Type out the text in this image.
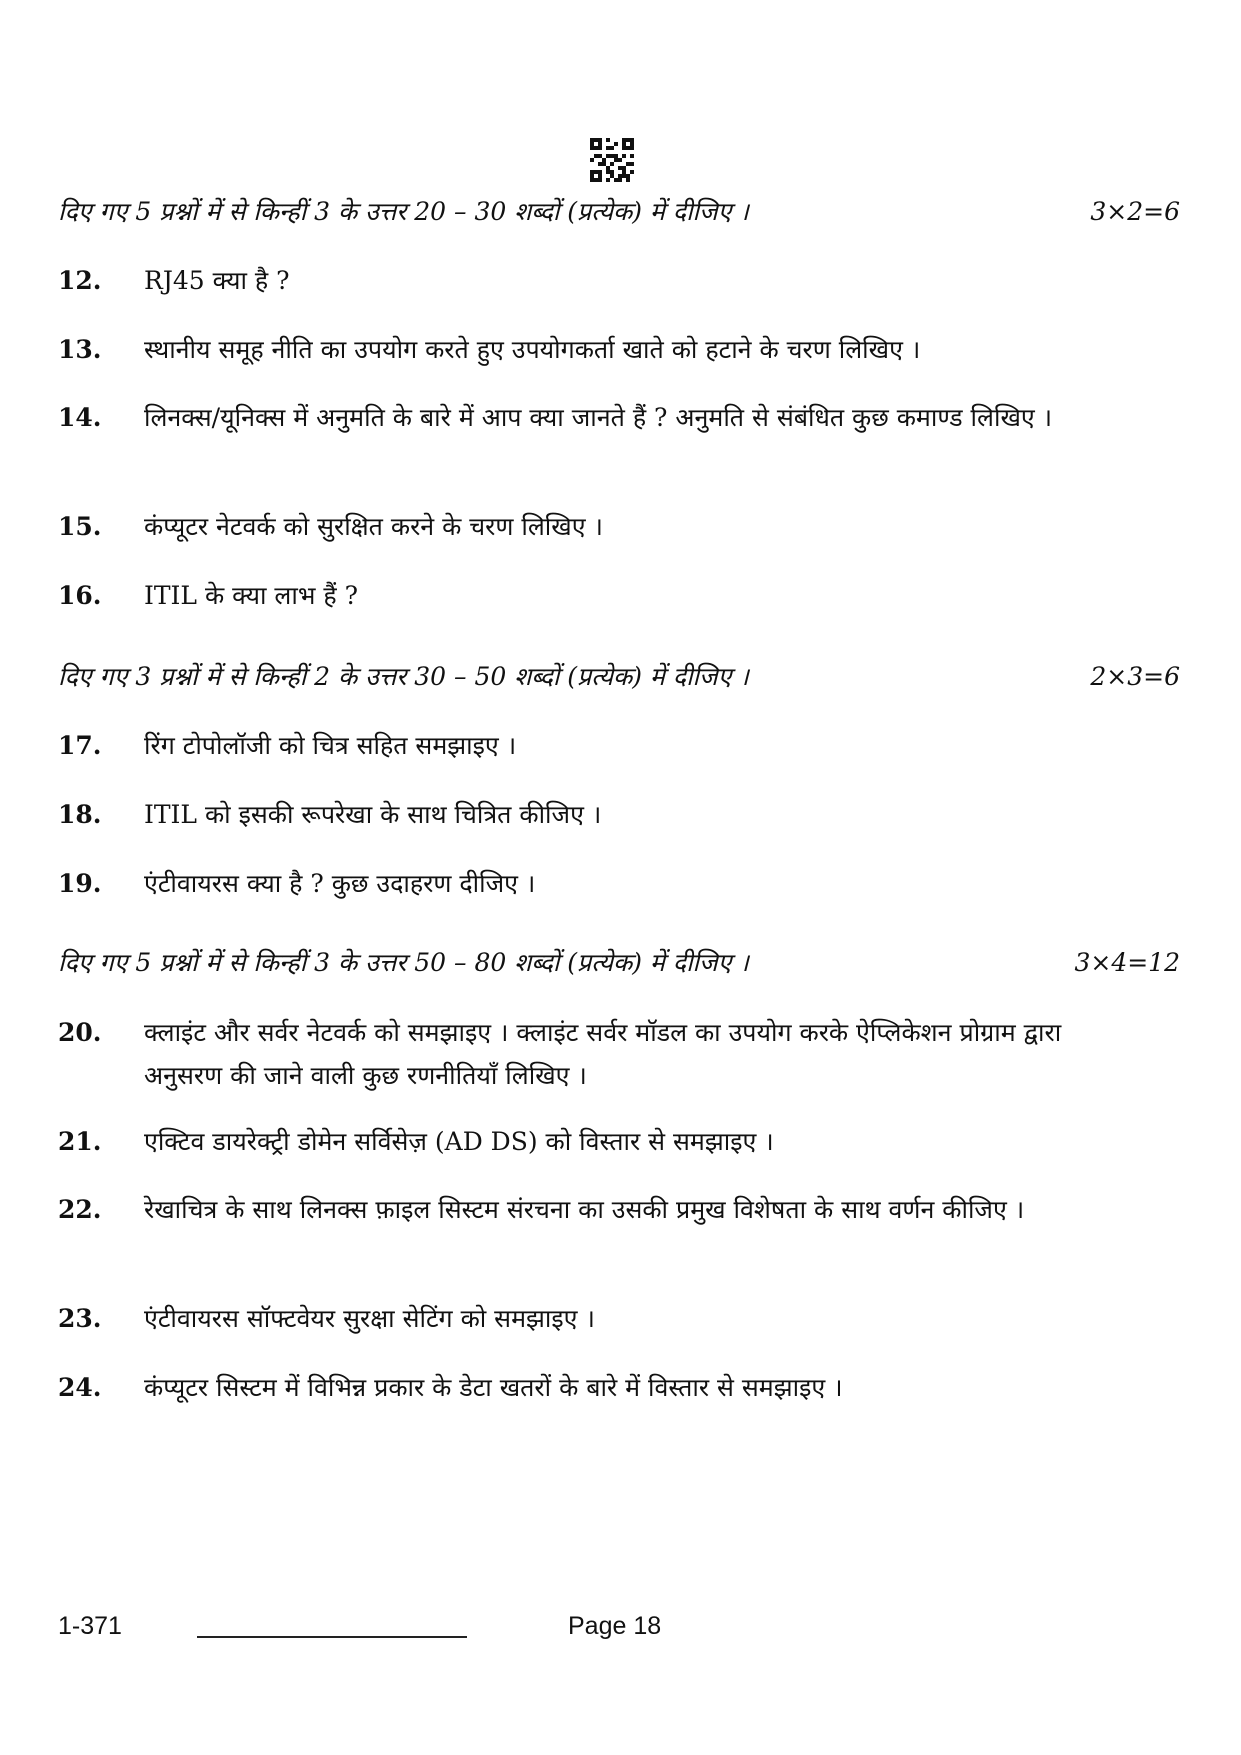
दिए गए 5 प्रश्नों में से किन्हीं 3 के उत्तर 20 – 30 शब्दों (प्रत्येक) में दीजिए ।	3×2=6
12. RJ45 क्या है ?
13. स्थानीय समूह नीति का उपयोग करते हुए उपयोगकर्ता खाते को हटाने के चरण लिखिए ।
14. लिनक्स/यूनिक्स में अनुमति के बारे में आप क्या जानते हैं ? अनुमति से संबंधित कुछ कमाण्ड लिखिए ।
15. कंप्यूटर नेटवर्क को सुरक्षित करने के चरण लिखिए ।
16. ITIL के क्या लाभ हैं ?
दिए गए 3 प्रश्नों में से किन्हीं 2 के उत्तर 30 – 50 शब्दों (प्रत्येक) में दीजिए ।	2×3=6
17. रिंग टोपोलॉजी को चित्र सहित समझाइए ।
18. ITIL को इसकी रूपरेखा के साथ चित्रित कीजिए ।
19. एंटीवायरस क्या है ? कुछ उदाहरण दीजिए ।
दिए गए 5 प्रश्नों में से किन्हीं 3 के उत्तर 50 – 80 शब्दों (प्रत्येक) में दीजिए ।	3×4=12
20. क्लाइंट और सर्वर नेटवर्क को समझाइए । क्लाइंट सर्वर मॉडल का उपयोग करके ऐप्लिकेशन प्रोग्राम द्वारा अनुसरण की जाने वाली कुछ रणनीतियाँ लिखिए ।
21. एक्टिव डायरेक्ट्री डोमेन सर्विसेज़ (AD DS) को विस्तार से समझाइए ।
22. रेखाचित्र के साथ लिनक्स फ़ाइल सिस्टम संरचना का उसकी प्रमुख विशेषता के साथ वर्णन कीजिए ।
23. एंटीवायरस सॉफ्टवेयर सुरक्षा सेटिंग को समझाइए ।
24. कंप्यूटर सिस्टम में विभिन्न प्रकार के डेटा खतरों के बारे में विस्तार से समझाइए ।
1-371	Page 18
